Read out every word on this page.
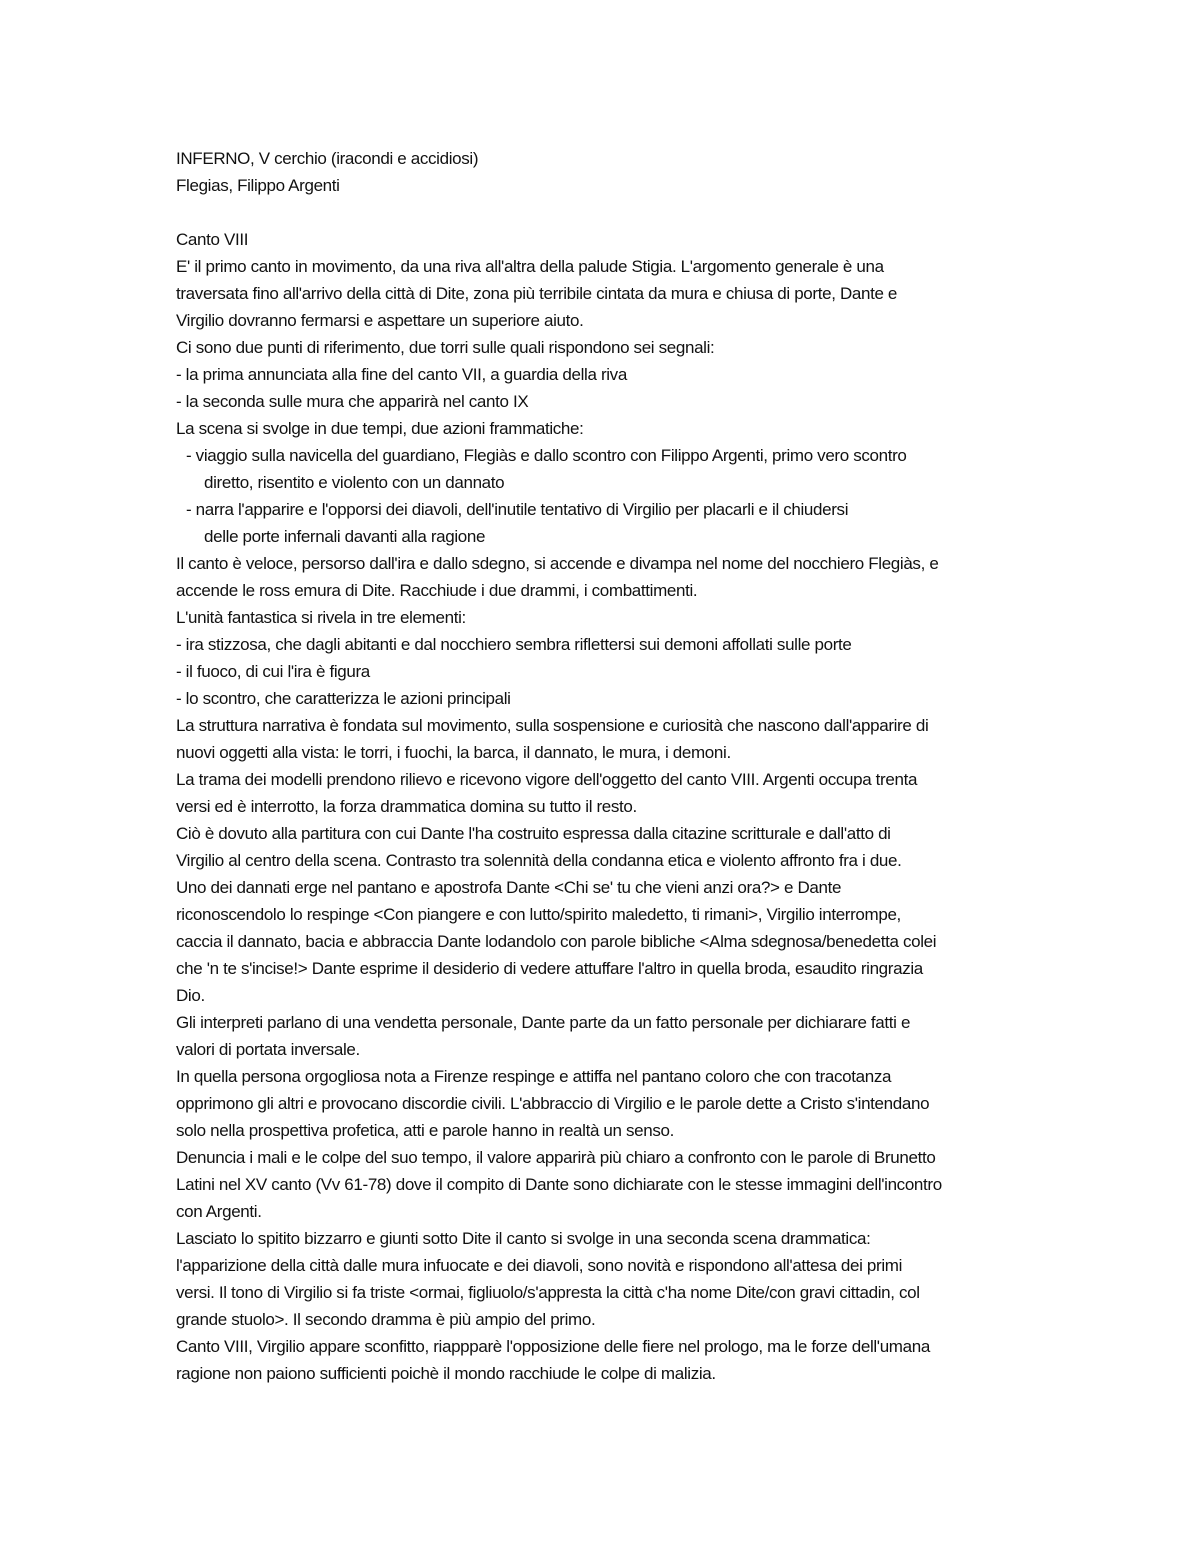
INFERNO, V cerchio (iracondi e accidiosi)
Flegias, Filippo Argenti
Canto VIII
E' il primo canto in movimento, da una riva all'altra della palude Stigia. L'argomento generale è una
traversata fino all'arrivo della città di Dite, zona più terribile cintata da mura e chiusa di porte, Dante e
Virgilio dovranno fermarsi e aspettare un superiore aiuto.
Ci sono due punti di riferimento, due torri sulle quali rispondono sei segnali:
- la prima annunciata alla fine del canto VII, a guardia della riva
- la seconda sulle mura che apparirà nel canto IX
La scena si svolge in due tempi, due azioni frammatiche:
- viaggio sulla navicella del guardiano, Flegiàs e dallo scontro con Filippo Argenti, primo vero scontro
diretto, risentito e violento con un dannato
- narra l'apparire e l'opporsi dei diavoli, dell'inutile tentativo di Virgilio per placarli e il chiudersi
delle porte infernali davanti alla ragione
Il canto è veloce, persorso dall'ira e dallo sdegno, si accende e divampa nel nome del nocchiero Flegiàs, e
accende le ross emura di Dite. Racchiude i due drammi, i combattimenti.
L'unità fantastica si rivela in tre elementi:
- ira stizzosa, che dagli abitanti e dal nocchiero sembra riflettersi sui demoni affollati sulle porte
- il fuoco, di cui l'ira è figura
- lo scontro, che caratterizza le azioni principali
La struttura narrativa è fondata sul movimento, sulla sospensione e curiosità che nascono dall'apparire di
nuovi oggetti alla vista: le torri, i fuochi, la barca, il dannato, le mura, i demoni.
La trama dei modelli prendono rilievo e ricevono vigore dell'oggetto del canto VIII. Argenti occupa trenta
versi ed è interrotto, la forza drammatica domina su tutto il resto.
Ciò è dovuto alla partitura con cui Dante l'ha costruito espressa dalla citazine scritturale e dall'atto di
Virgilio al centro della scena. Contrasto tra solennità della condanna etica e violento affronto fra i due.
Uno dei dannati erge nel pantano e apostrofa Dante <Chi se' tu che vieni anzi ora?> e Dante
riconoscendolo lo respinge <Con piangere e con lutto/spirito maledetto, ti rimani>, Virgilio interrompe,
caccia il dannato, bacia e abbraccia Dante lodandolo con parole bibliche <Alma sdegnosa/benedetta colei
che 'n te s'incise!> Dante esprime il desiderio di vedere attuffare l'altro in quella broda, esaudito ringrazia
Dio.
Gli interpreti parlano di una vendetta personale, Dante parte da un fatto personale per dichiarare fatti e
valori di portata inversale.
In quella persona orgogliosa nota a Firenze respinge e attiffa nel pantano coloro che con tracotanza
opprimono gli altri e provocano discordie civili. L'abbraccio di Virgilio e le parole dette a Cristo s'intendano
solo nella prospettiva profetica, atti e parole hanno in realtà un senso.
Denuncia i mali e le colpe del suo tempo, il valore apparirà più chiaro a confronto con le parole di Brunetto
Latini nel XV canto (Vv 61-78) dove il compito di Dante sono dichiarate con le stesse immagini dell'incontro
con Argenti.
Lasciato lo spitito bizzarro e giunti sotto Dite il canto si svolge in una seconda scena drammatica:
l'apparizione della città dalle mura infuocate e dei diavoli, sono novità e rispondono all'attesa dei primi
versi. Il tono di Virgilio si fa triste <ormai, figliuolo/s'appresta la città c'ha nome Dite/con gravi cittadin, col
grande stuolo>. Il secondo dramma è più ampio del primo.
Canto VIII, Virgilio appare sconfitto, riappparè l'opposizione delle fiere nel prologo, ma le forze dell'umana
ragione non paiono sufficienti poichè il mondo racchiude le colpe di malizia.
